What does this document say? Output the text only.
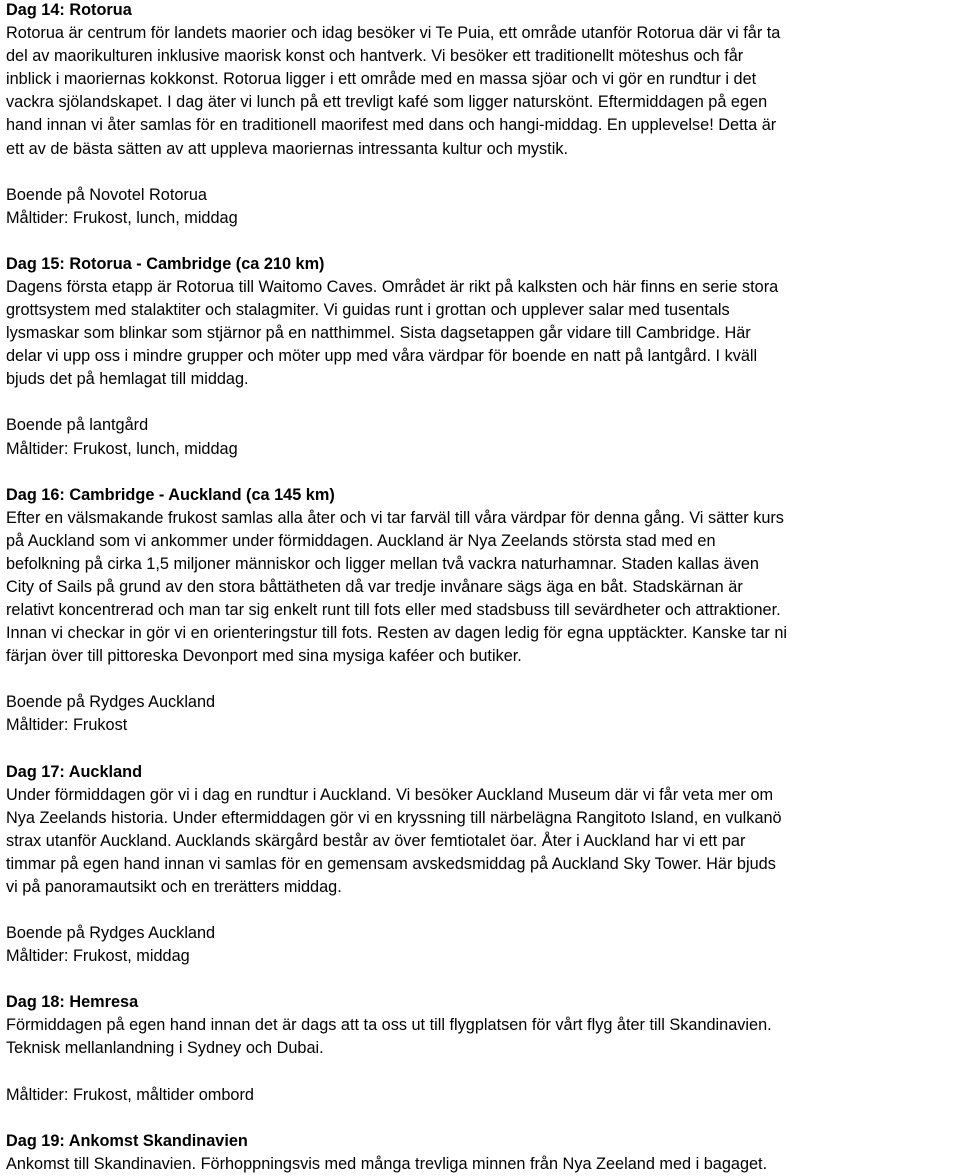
Dag 14: Rotorua

Rotorua är centrum för landets maorier och idag besöker vi Te Puia, ett område utanför Rotorua där vi får ta
del av maorikulturen inklusive maorisk konst och hantverk. Vi besöker ett traditionellt möteshus och får
inblick i maoriernas kokkonst. Rotorua ligger i ett område med en massa sjöar och vi gör en rundtur i det
vackra sjölandskapet. I dag äter vi lunch på ett trevligt kafé som ligger naturskönt. Eftermiddagen på egen
hand innan vi åter samlas för en traditionell maorifest med dans och hangi-middag. En upplevelse! Detta är
ett av de bästa sätten av att uppleva maoriernas intressanta kultur och mystik.

Boende på Novotel Rotorua

Måltider: Frukost, lunch, middag

Dag 15: Rotorua - Cambridge (ca 210 km)

Dagens första etapp är Rotorua till Waitomo Caves. Området är rikt på kalksten och här finns en serie stora
grottsystem med stalaktiter och stalagmiter. Vi guidas runt i grottan och upplever salar med tusentals
lysmaskar som blinkar som stjärnor på en natthimmel. Sista dagsetappen går vidare till Cambridge. Här
delar vi upp oss i mindre grupper och möter upp med våra värdpar för boende en natt på lantgård. I kväll
bjuds det på hemlagat till middag.

Boende på lantgård

Måltider: Frukost, lunch, middag

Dag 16: Cambridge - Auckland (ca 145 km)

Efter en välsmakande frukost samlas alla åter och vi tar farväl till våra värdpar för denna gång. Vi sätter kurs
på Auckland som vi ankommer under förmiddagen. Auckland är Nya Zeelands största stad med en
befolkning på cirka 1,5 miljoner människor och ligger mellan två vackra naturhamnar. Staden kallas även
City of Sails på grund av den stora båttätheten då var tredje invånare sägs äga en båt. Stadskärnan är
relativt koncentrerad och man tar sig enkelt runt till fots eller med stadsbuss till sevärdheter och attraktioner.
Innan vi checkar in gör vi en orienteringstur till fots. Resten av dagen ledig för egna upptäckter. Kanske tar ni
färjan över till pittoreska Devonport med sina mysiga kaféer och butiker.

Boende på Rydges Auckland

Måltider: Frukost

Dag 17: Auckland

Under förmiddagen gör vi i dag en rundtur i Auckland. Vi besöker Auckland Museum där vi får veta mer om
Nya Zeelands historia. Under eftermiddagen gör vi en kryssning till närbelägna Rangitoto Island, en vulkanö
strax utanför Auckland. Aucklands skärgård består av över femtiotalet öar. Åter i Auckland har vi ett par
timmar på egen hand innan vi samlas för en gemensam avskedsmiddag på Auckland Sky Tower. Här bjuds
vi på panoramautsikt och en trerätters middag.

Boende på Rydges Auckland

Måltider: Frukost, middag

Dag 18: Hemresa

Förmiddagen på egen hand innan det är dags att ta oss ut till flygplatsen för vårt flyg åter till Skandinavien.
Teknisk mellanlandning i Sydney och Dubai.

Måltider: Frukost, måltider ombord

Dag 19: Ankomst Skandinavien

Ankomst till Skandinavien. Förhoppningsvis med många trevliga minnen från Nya Zeeland med i bagaget.
